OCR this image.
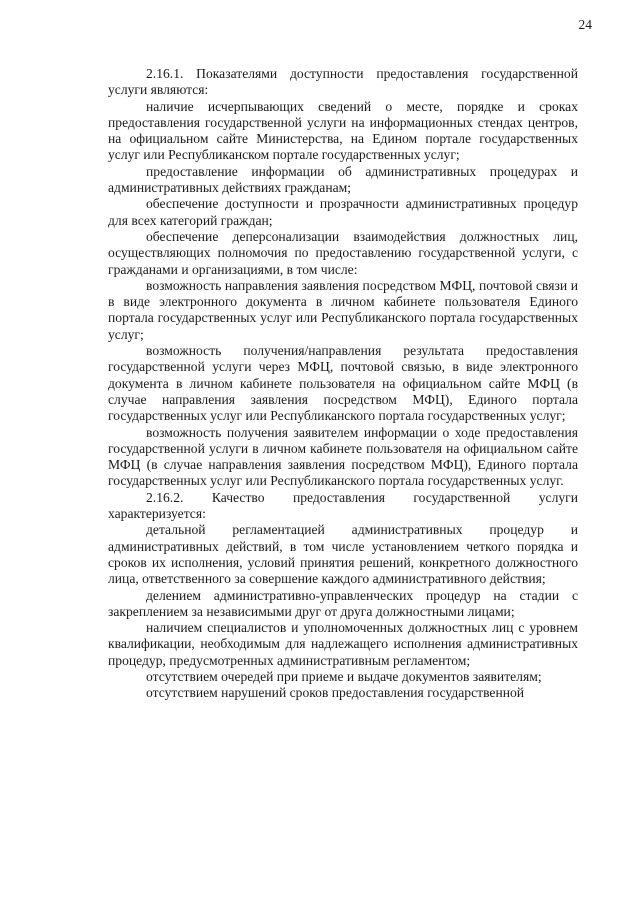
24

2.16.1. Показателями доступности предоставления государственной услуги являются:

наличие исчерпывающих сведений о месте, порядке и сроках предоставления государственной услуги на информационных стендах центров, на официальном сайте Министерства, на Едином портале государственных услуг или Республиканском портале государственных услуг;

предоставление информации об административных процедурах и административных действиях гражданам;

обеспечение доступности и прозрачности административных процедур для всех категорий граждан;

обеспечение деперсонализации взаимодействия должностных лиц, осуществляющих полномочия по предоставлению государственной услуги, с гражданами и организациями, в том числе:

возможность направления заявления посредством МФЦ, почтовой связи и в виде электронного документа в личном кабинете пользователя Единого портала государственных услуг или Республиканского портала государственных услуг;

возможность получения/направления результата предоставления государственной услуги через МФЦ, почтовой связью, в виде электронного документа в личном кабинете пользователя на официальном сайте МФЦ (в случае направления заявления посредством МФЦ), Единого портала государственных услуг или Республиканского портала государственных услуг;

возможность получения заявителем информации о ходе предоставления государственной услуги в личном кабинете пользователя на официальном сайте МФЦ (в случае направления заявления посредством МФЦ), Единого портала государственных услуг или Республиканского портала государственных услуг.

2.16.2. Качество предоставления государственной услуги характеризуется:

детальной регламентацией административных процедур и административных действий, в том числе установлением четкого порядка и сроков их исполнения, условий принятия решений, конкретного должностного лица, ответственного за совершение каждого административного действия;

делением административно-управленческих процедур на стадии с закреплением за независимыми друг от друга должностными лицами;

наличием специалистов и уполномоченных должностных лиц с уровнем квалификации, необходимым для надлежащего исполнения административных процедур, предусмотренных административным регламентом;

отсутствием очередей при приеме и выдаче документов заявителям;

отсутствием нарушений сроков предоставления государственной
